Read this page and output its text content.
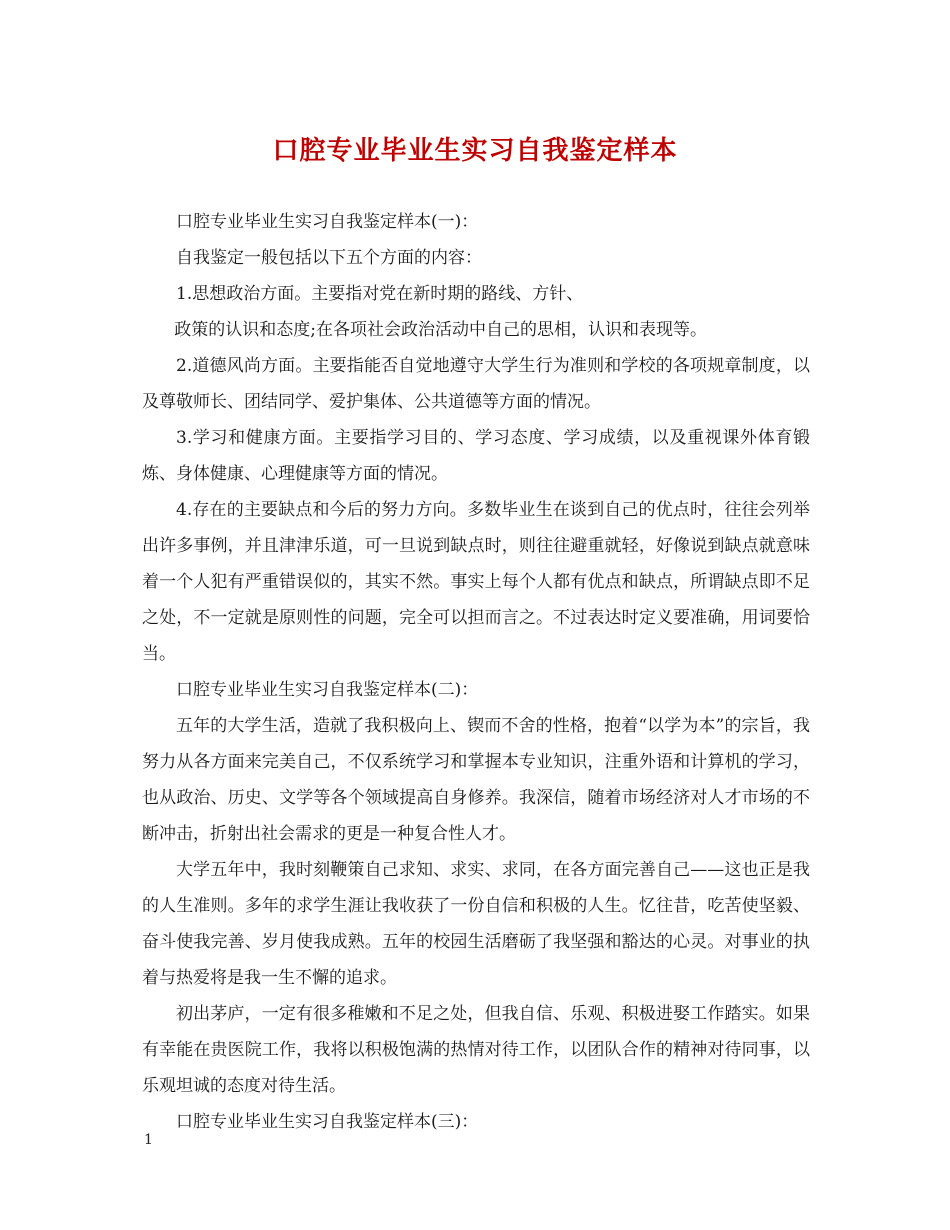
口腔专业毕业生实习自我鉴定样本

口腔专业毕业生实习自我鉴定样本(一)：

自我鉴定一般包括以下五个方面的内容：

1.思想政治方面。主要指对党在新时期的路线、方针、

政策的认识和态度;在各项社会政治活动中自己的思相，认识和表现等。

2.道德风尚方面。主要指能否自觉地遵守大学生行为准则和学校的各项规章制度，以及尊敬师长、团结同学、爱护集体、公共道德等方面的情况。

3.学习和健康方面。主要指学习目的、学习态度、学习成绩，以及重视课外体育锻炼、身体健康、心理健康等方面的情况。

4.存在的主要缺点和今后的努力方向。多数毕业生在谈到自己的优点时，往往会列举出许多事例，并且津津乐道，可一旦说到缺点时，则往往避重就轻，好像说到缺点就意味着一个人犯有严重错误似的，其实不然。事实上每个人都有优点和缺点，所谓缺点即不足之处，不一定就是原则性的问题，完全可以担而言之。不过表达时定义要准确，用词要恰当。

口腔专业毕业生实习自我鉴定样本(二)：

五年的大学生活，造就了我积极向上、锲而不舍的性格，抱着“以学为本”的宗旨，我努力从各方面来完美自己，不仅系统学习和掌握本专业知识，注重外语和计算机的学习，也从政治、历史、文学等各个领域提高自身修养。我深信，随着市场经济对人才市场的不断冲击，折射出社会需求的更是一种复合性人才。

大学五年中，我时刻鞭策自己求知、求实、求同，在各方面完善自己——这也正是我的人生准则。多年的求学生涯让我收获了一份自信和积极的人生。忆往昔，吃苦使坚毅、奋斗使我完善、岁月使我成熟。五年的校园生活磨砺了我坚强和豁达的心灵。对事业的执着与热爱将是我一生不懈的追求。

初出茅庐，一定有很多稚嫩和不足之处，但我自信、乐观、积极进娶工作踏实。如果有幸能在贵医院工作，我将以积极饱满的热情对待工作，以团队合作的精神对待同事，以乐观坦诚的态度对待生活。

口腔专业毕业生实习自我鉴定样本(三)：

1
